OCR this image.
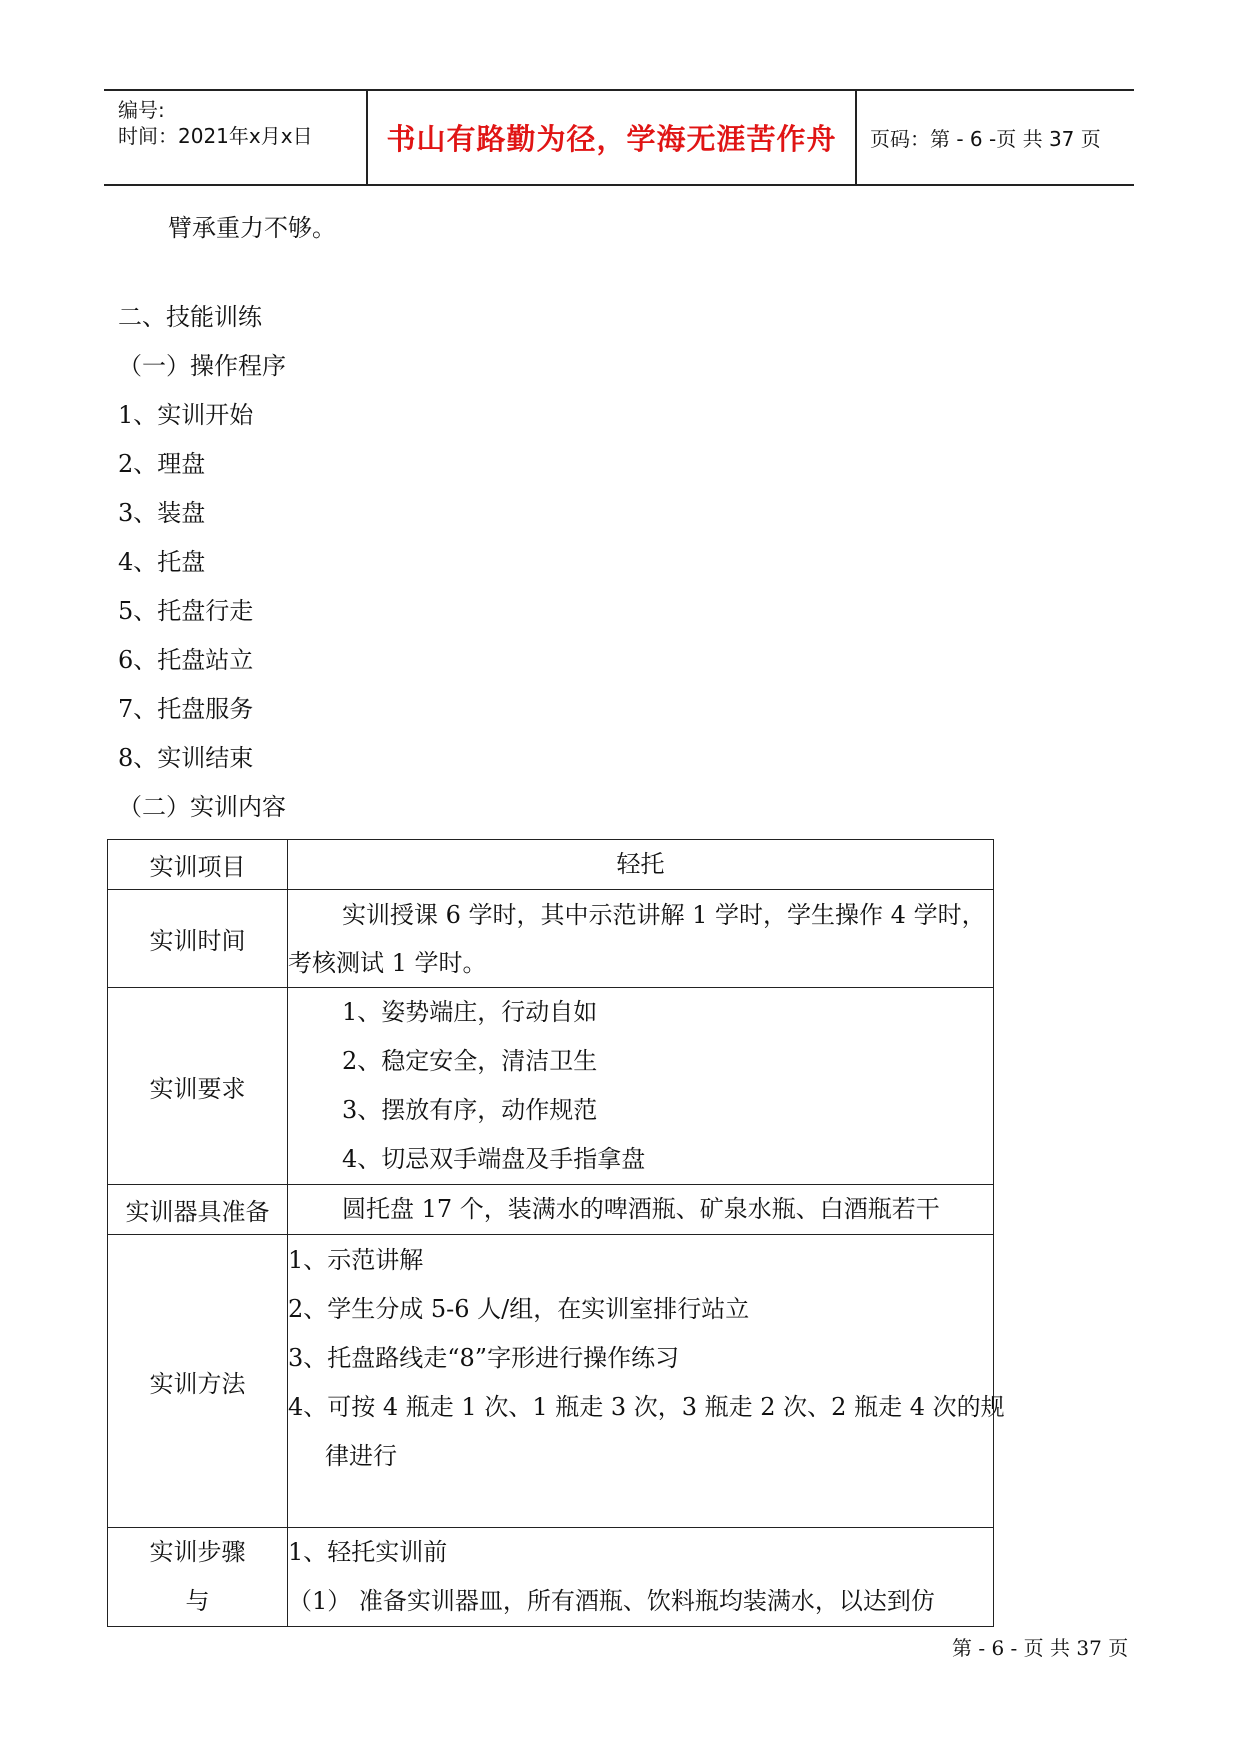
编号:
时间：2021年x月x日	书山有路勤为径，学海无涯苦作舟 页码：第 - 6 -页 共 37 页
臂承重力不够。
二、技能训练
（一）操作程序
1、实训开始
2、理盘
3、装盘
4、托盘
5、托盘行走
6、托盘站立
7、托盘服务
8、实训结束
（二）实训内容
实训项目	轻托

实训时间	实训授课 6 学时，其中示范讲解 1 学时，学生操作 4 学时，
考核测试 1 学时。

实训要求	1、姿势端庄，行动自如
2、稳定安全，清洁卫生
3、摆放有序，动作规范
4、切忌双手端盘及手指拿盘

实训器具准备	圆托盘 17 个，装满水的啤酒瓶、矿泉水瓶、白酒瓶若干

实训方法	1、示范讲解
2、学生分成 5-6 人/组，在实训室排行站立
3、托盘路线走“8”字形进行操作练习
4、可按 4 瓶走 1 次、1 瓶走 3 次，3 瓶走 2 次、2 瓶走 4 次的规
律进行

实训步骤
与	1、轻托实训前
（1） 准备实训器皿，所有酒瓶、饮料瓶均装满水，以达到仿
第 - 6 - 页 共 37 页
